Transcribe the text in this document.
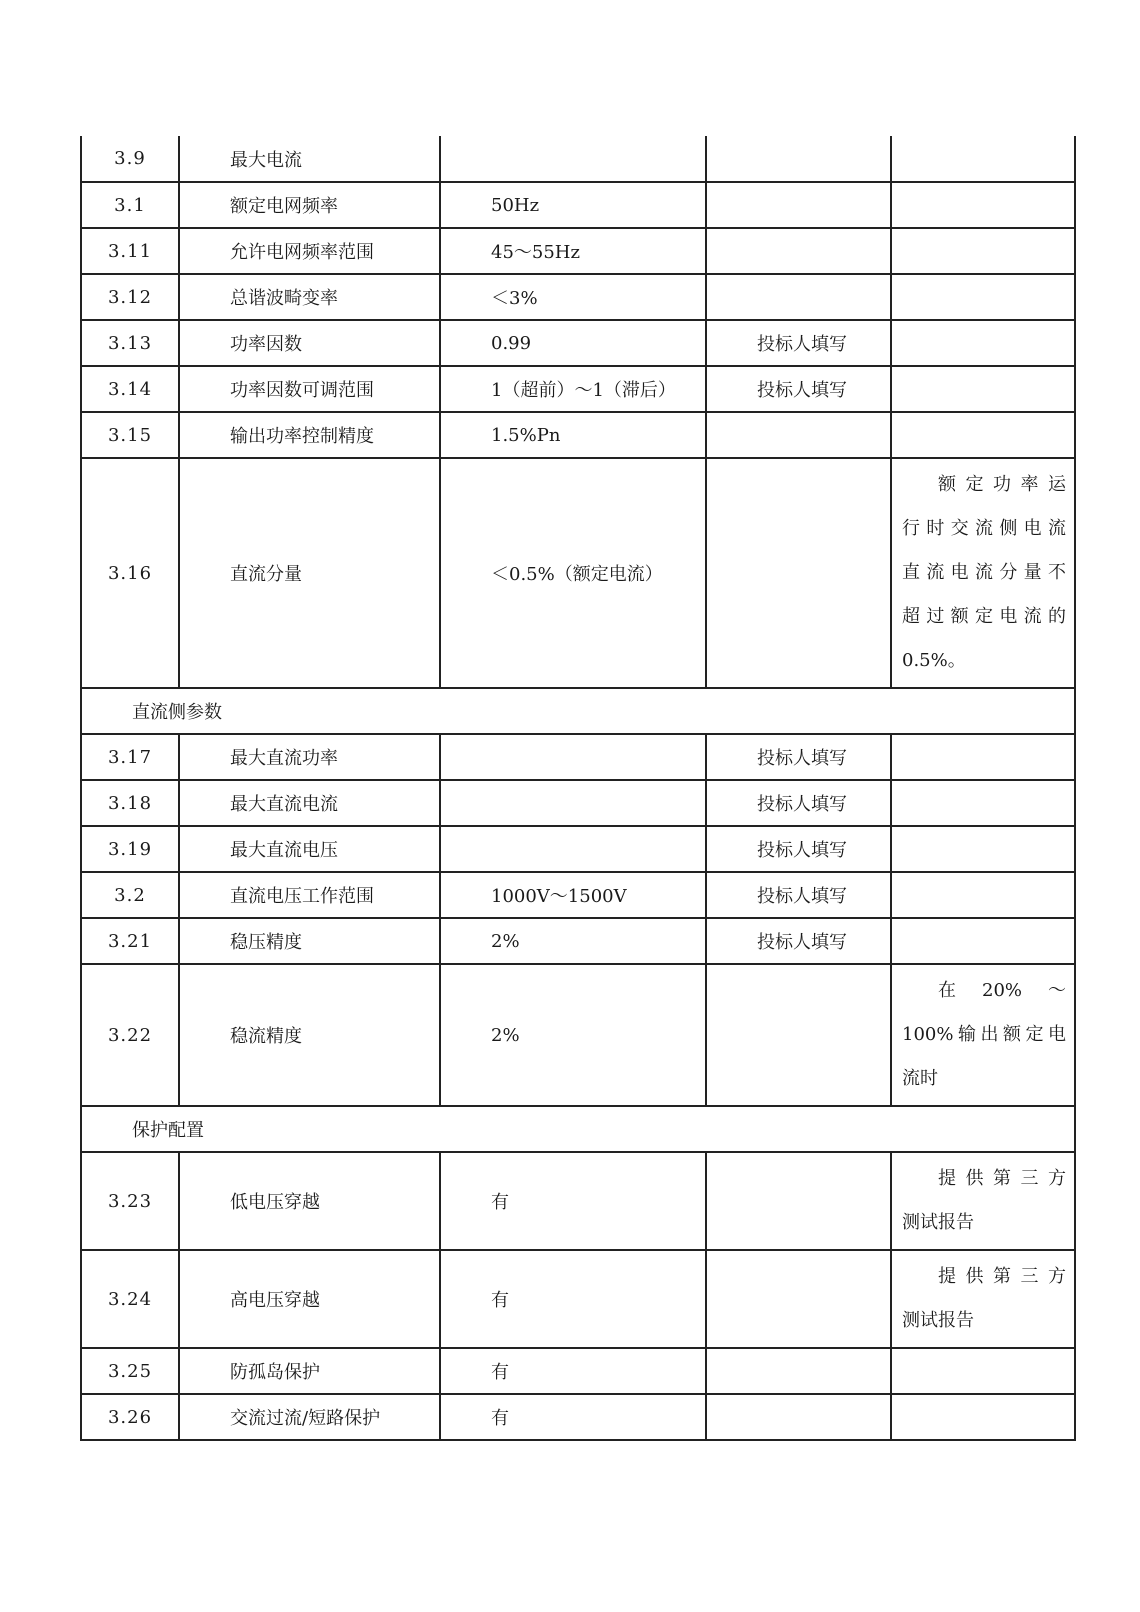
3.9	最大电流			
3.1	额定电网频率	50Hz		
3.11	允许电网频率范围	45～55Hz		
3.12	总谐波畸变率	＜3%		
3.13	功率因数	0.99	投标人填写	
3.14	功率因数可调范围	1（超前）～1（滞后）	投标人填写	
3.15	输出功率控制精度	1.5%Pn		
3.16	直流分量	＜0.5%（额定电流）		额定功率运
行时交流侧电流
直流电流分量不
超过额定电流的
0.5%。

直流侧参数				
3.17	最大直流功率		投标人填写	
3.18	最大直流电流		投标人填写	
3.19	最大直流电压		投标人填写	
3.2	直流电压工作范围	1000V～1500V	投标人填写	
3.21	稳压精度	2%	投标人填写	
3.22	稳流精度	2%		在　20%　～
100%输出额定电
流时

保护配置				
3.23	低电压穿越	有		提供第三方
测试报告

3.24	高电压穿越	有		提供第三方
测试报告

3.25	防孤岛保护	有		
3.26	交流过流/短路保护	有		
